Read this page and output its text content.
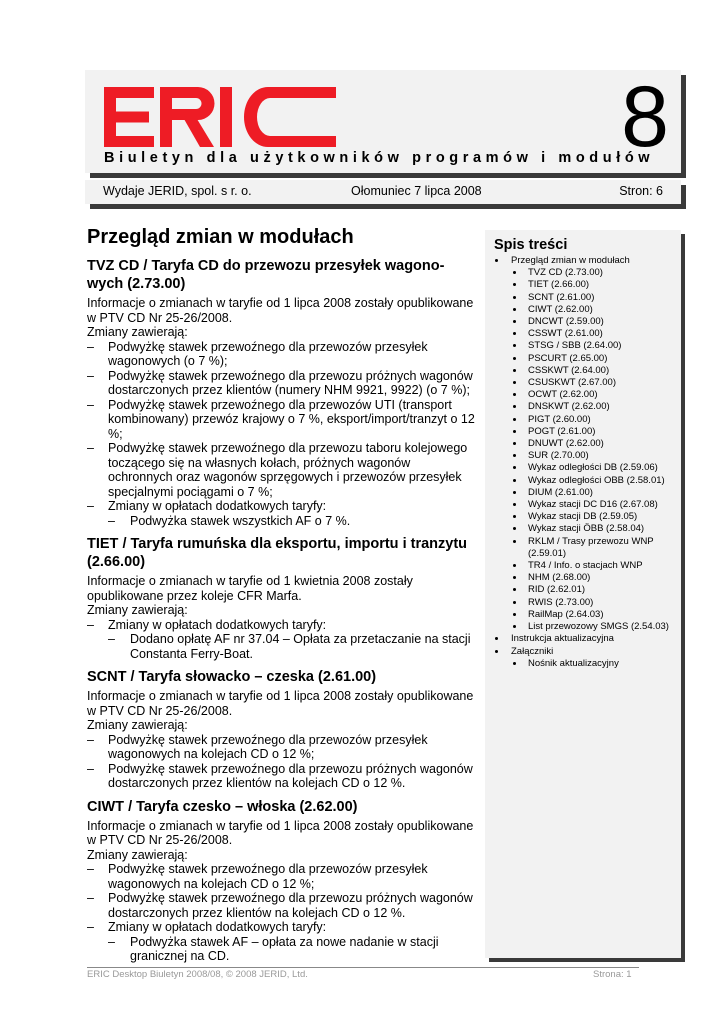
8
Biuletyn dla użytkowników programów i modułów
Wydaje JERID, spol. s r. o.	Ołomuniec 7 lipca 2008	Stron: 6
Przegląd zmian w modułach
TVZ CD / Taryfa CD do przewozu przesyłek wagono-wych (2.73.00)

Informacje o zmianach w taryfie od 1 lipca 2008 zostały opublikowane w PTV CD Nr 25-26/2008.

Zmiany zawierają:

– Podwyżkę stawek przewoźnego dla przewozów przesyłek wagonowych (o 7 %);
– Podwyżkę stawek przewoźnego dla przewozu próżnych wagonów dostarczonych przez klientów (numery NHM 9921, 9922) (o 7 %);
– Podwyżkę stawek przewoźnego dla przewozów UTI (transport kombinowany) przewóz krajowy o 7 %, eksport/import/tranzyt o 12 %;
– Podwyżkę stawek przewoźnego dla przewozu taboru kolejowego toczącego się na własnych kołach, próżnych wagonów ochronnych oraz wagonów sprzęgowych i przewozów przesyłek specjalnymi pociągami o 7 %;
– Zmiany w opłatach dodatkowych taryfy:
– Podwyżka stawek wszystkich AF o 7 %.
TIET / Taryfa rumuńska dla eksportu, importu i tranzytu (2.66.00)

Informacje o zmianach w taryfie od 1 kwietnia 2008 zostały opublikowane przez koleje CFR Marfa.

Zmiany zawierają:

– Zmiany w opłatach dodatkowych taryfy:
– Dodano opłatę AF nr 37.04 – Opłata za przetaczanie na stacji Constanta Ferry-Boat.
SCNT / Taryfa słowacko – czeska (2.61.00)

Informacje o zmianach w taryfie od 1 lipca 2008 zostały opublikowane w PTV CD Nr 25-26/2008.

Zmiany zawierają:

– Podwyżkę stawek przewoźnego dla przewozów przesyłek wagonowych na kolejach CD o 12 %;
– Podwyżkę stawek przewoźnego dla przewozu próżnych wagonów dostarczonych przez klientów na kolejach CD o 12 %.
CIWT / Taryfa czesko – włoska (2.62.00)

Informacje o zmianach w taryfie od 1 lipca 2008 zostały opublikowane w PTV CD Nr 25-26/2008.

Zmiany zawierają:

– Podwyżkę stawek przewoźnego dla przewozów przesyłek wagonowych na kolejach CD o 12 %;
– Podwyżkę stawek przewoźnego dla przewozu próżnych wagonów dostarczonych przez klientów na kolejach CD o 12 %.
– Zmiany w opłatach dodatkowych taryfy:
– Podwyżka stawek AF – opłata za nowe nadanie w stacji granicznej na CD.
Spis treści
Przegląd zmian w modułach
TVZ CD (2.73.00)
TIET (2.66.00)
SCNT (2.61.00)
CIWT (2.62.00)
DNCWT (2.59.00)
CSSWT (2.61.00)
STSG / SBB (2.64.00)
PSCURT (2.65.00)
CSSKWT (2.64.00)
CSUSKWT (2.67.00)
OCWT (2.62.00)
DNSKWT (2.62.00)
PIGT (2.60.00)
POGT (2.61.00)
DNUWT (2.62.00)
SUR (2.70.00)
Wykaz odległości DB (2.59.06)
Wykaz odległości OBB (2.58.01)
DIUM (2.61.00)
Wykaz stacji DC D16 (2.67.08)
Wykaz stacji DB (2.59.05)
Wykaz stacji ÖBB (2.58.04)
RKLM / Trasy przewozu WNP (2.59.01)
TR4 / Info. o stacjach WNP
NHM (2.68.00)
RID (2.62.01)
RWIS (2.73.00)
RailMap (2.64.03)
List przewozowy SMGS (2.54.03)
Instrukcja aktualizacyjna
Załączniki
Nośnik aktualizacyjny
ERIC Desktop Biuletyn 2008/08, © 2008 JERID, Ltd.	Strona: 1
